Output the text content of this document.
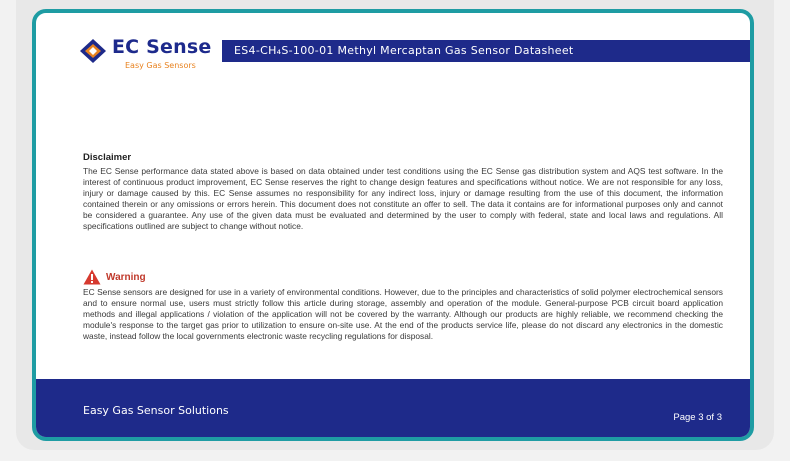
EC Sense
Easy Gas Sensors
ES4-CH₄S-100-01 Methyl Mercaptan Gas Sensor Datasheet
Disclaimer
The EC Sense performance data stated above is based on data obtained under test conditions using the EC Sense gas distribution system and AQS test software. In the interest of continuous product improvement, EC Sense reserves the right to change design features and specifications without notice. We are not responsible for any loss, injury or damage caused by this. EC Sense assumes no responsibility for any indirect loss, injury or damage resulting from the use of this document, the information contained therein or any omissions or errors herein. This document does not constitute an offer to sell. The data it contains are for informational purposes only and cannot be considered a guarantee. Any use of the given data must be evaluated and determined by the user to comply with federal, state and local laws and regulations. All specifications outlined are subject to change without notice.
Warning
EC Sense sensors are designed for use in a variety of environmental conditions. However, due to the principles and characteristics of solid polymer electrochemical sensors and to ensure normal use, users must strictly follow this article during storage, assembly and operation of the module. General-purpose PCB circuit board application methods and illegal applications / violation of the application will not be covered by the warranty. Although our products are highly reliable, we recommend checking the module's response to the target gas prior to utilization to ensure on-site use. At the end of the products service life, please do not discard any electronics in the domestic waste, instead follow the local governments electronic waste recycling regulations for disposal.
Easy Gas Sensor Solutions
Page 3 of 3
